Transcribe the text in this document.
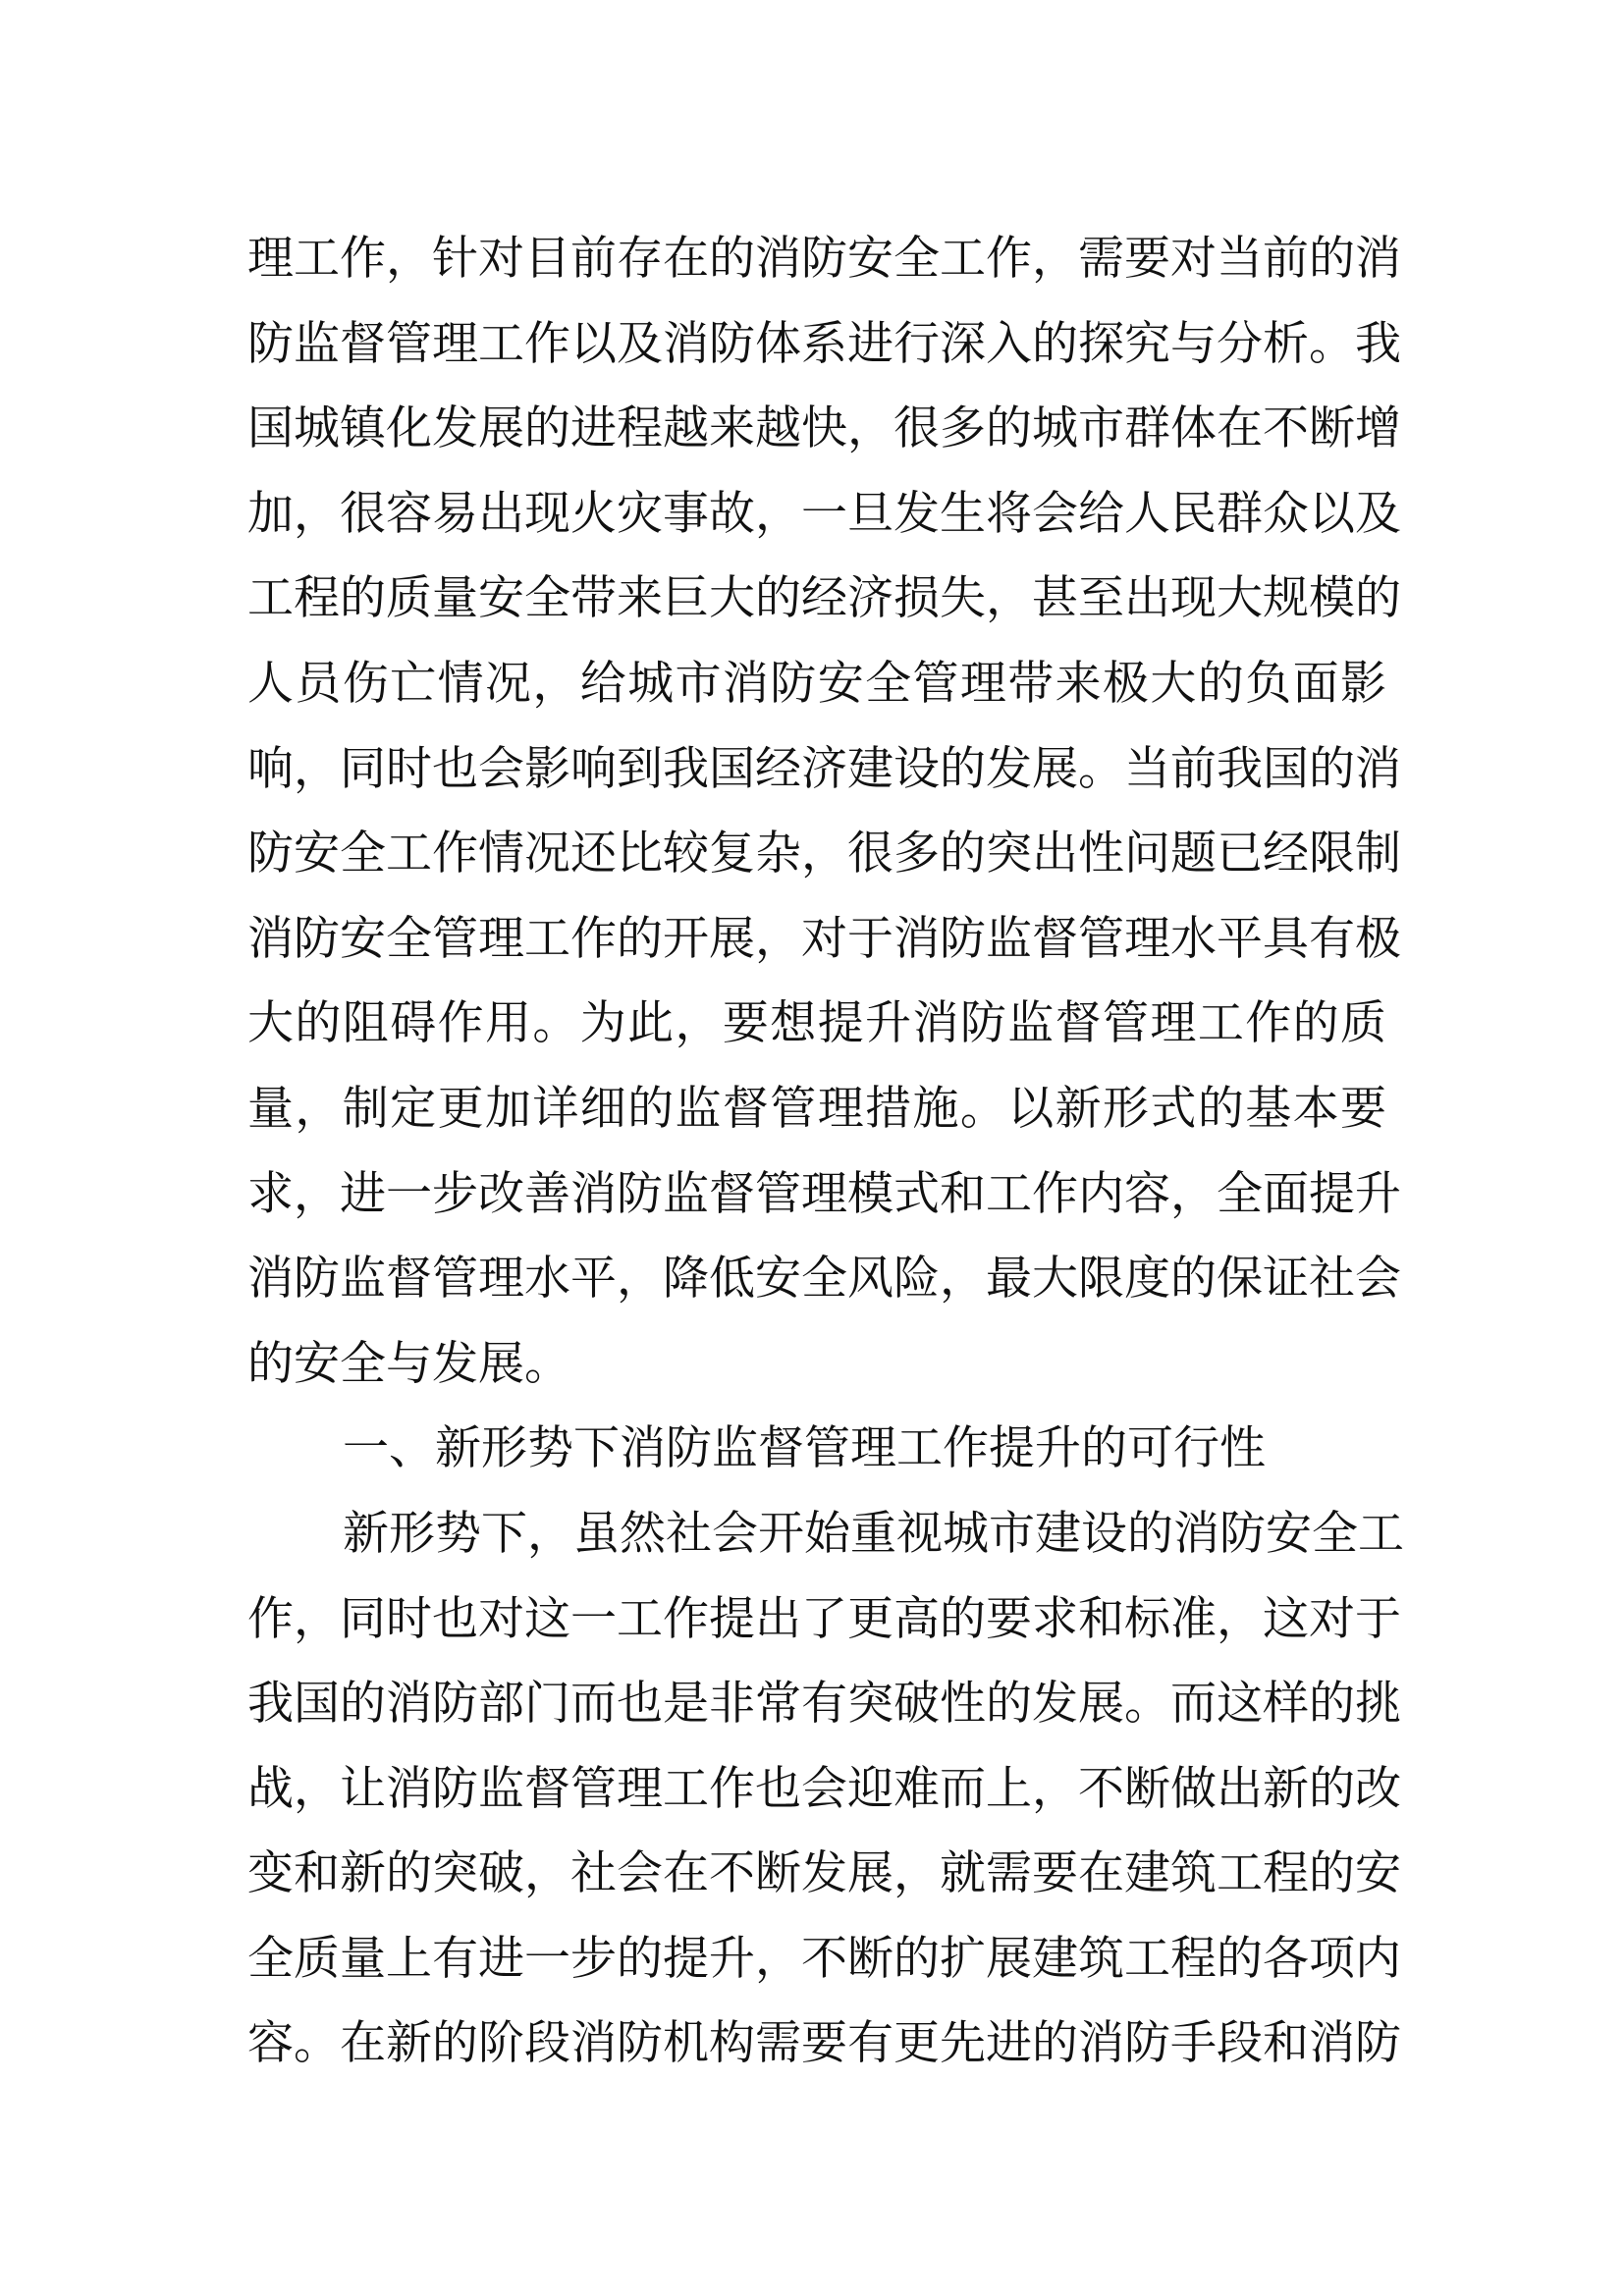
理工作，针对目前存在的消防安全工作，需要对当前的消
防监督管理工作以及消防体系进行深入的探究与分析。我
国城镇化发展的进程越来越快，很多的城市群体在不断增
加，很容易出现火灾事故，一旦发生将会给人民群众以及
工程的质量安全带来巨大的经济损失，甚至出现大规模的
人员伤亡情况，给城市消防安全管理带来极大的负面影
响，同时也会影响到我国经济建设的发展。当前我国的消
防安全工作情况还比较复杂，很多的突出性问题已经限制
消防安全管理工作的开展，对于消防监督管理水平具有极
大的阻碍作用。为此，要想提升消防监督管理工作的质
量，制定更加详细的监督管理措施。以新形式的基本要
求，进一步改善消防监督管理模式和工作内容，全面提升
消防监督管理水平，降低安全风险，最大限度的保证社会
的安全与发展。
一、新形势下消防监督管理工作提升的可行性
新形势下，虽然社会开始重视城市建设的消防安全工
作，同时也对这一工作提出了更高的要求和标准，这对于
我国的消防部门而也是非常有突破性的发展。而这样的挑
战，让消防监督管理工作也会迎难而上，不断做出新的改
变和新的突破，社会在不断发展，就需要在建筑工程的安
全质量上有进一步的提升，不断的扩展建筑工程的各项内
容。在新的阶段消防机构需要有更先进的消防手段和消防
